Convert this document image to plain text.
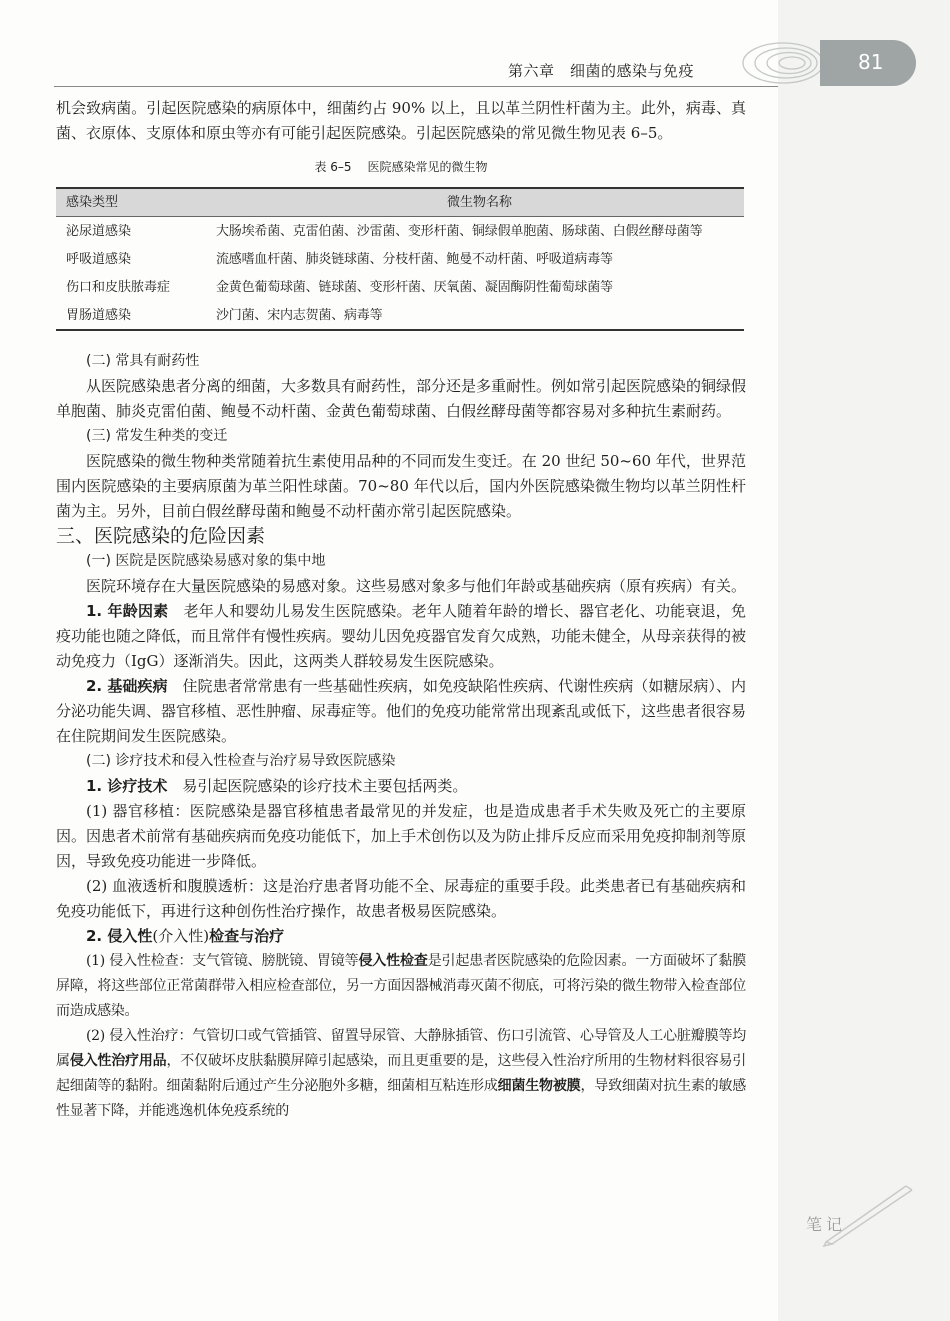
81
第六章　细菌的感染与免疫

机会致病菌。引起医院感染的病原体中，细菌约占 90% 以上，且以革兰阴性杆菌为主。此外，病毒、真菌、衣原体、支原体和原虫等亦有可能引起医院感染。引起医院感染的常见微生物见表 6–5。

表 6–5 医院感染常见的微生物
感染类型	微生物名称
泌尿道感染	大肠埃希菌、克雷伯菌、沙雷菌、变形杆菌、铜绿假单胞菌、肠球菌、白假丝酵母菌等
呼吸道感染	流感嗜血杆菌、肺炎链球菌、分枝杆菌、鲍曼不动杆菌、呼吸道病毒等
伤口和皮肤脓毒症	金黄色葡萄球菌、链球菌、变形杆菌、厌氧菌、凝固酶阴性葡萄球菌等
胃肠道感染	沙门菌、宋内志贺菌、病毒等

(二) 常具有耐药性

从医院感染患者分离的细菌，大多数具有耐药性，部分还是多重耐性。例如常引起医院感染的铜绿假单胞菌、肺炎克雷伯菌、鲍曼不动杆菌、金黄色葡萄球菌、白假丝酵母菌等都容易对多种抗生素耐药。

(三) 常发生种类的变迁

医院感染的微生物种类常随着抗生素使用品种的不同而发生变迁。在 20 世纪 50~60 年代，世界范围内医院感染的主要病原菌为革兰阳性球菌。70~80 年代以后，国内外医院感染微生物均以革兰阴性杆菌为主。另外，目前白假丝酵母菌和鲍曼不动杆菌亦常引起医院感染。

三、医院感染的危险因素

(一) 医院是医院感染易感对象的集中地

医院环境存在大量医院感染的易感对象。这些易感对象多与他们年龄或基础疾病（原有疾病）有关。

1. 年龄因素　 老年人和婴幼儿易发生医院感染。老年人随着年龄的增长、器官老化、功能衰退，免疫功能也随之降低，而且常伴有慢性疾病。婴幼儿因免疫器官发育欠成熟，功能未健全，从母亲获得的被动免疫力（IgG）逐渐消失。因此，这两类人群较易发生医院感染。

2. 基础疾病　 住院患者常常患有一些基础性疾病，如免疫缺陷性疾病、代谢性疾病（如糖尿病）、内分泌功能失调、器官移植、恶性肿瘤、尿毒症等。他们的免疫功能常常出现紊乱或低下，这些患者很容易在住院期间发生医院感染。

(二) 诊疗技术和侵入性检查与治疗易导致医院感染

1. 诊疗技术　 易引起医院感染的诊疗技术主要包括两类。

(1) 器官移植：医院感染是器官移植患者最常见的并发症，也是造成患者手术失败及死亡的主要原因。因患者术前常有基础疾病而免疫功能低下，加上手术创伤以及为防止排斥反应而采用免疫抑制剂等原因，导致免疫功能进一步降低。

(2) 血液透析和腹膜透析：这是治疗患者肾功能不全、尿毒症的重要手段。此类患者已有基础疾病和免疫功能低下，再进行这种创伤性治疗操作，故患者极易医院感染。

2. 侵入性(介入性)检查与治疗

(1) 侵入性检查：支气管镜、膀胱镜、胃镜等侵入性检查是引起患者医院感染的危险因素。一方面破坏了黏膜屏障，将这些部位正常菌群带入相应检查部位，另一方面因器械消毒灭菌不彻底，可将污染的微生物带入检查部位而造成感染。

(2) 侵入性治疗：气管切口或气管插管、留置导尿管、大静脉插管、伤口引流管、心导管及人工心脏瓣膜等均属侵入性治疗用品，不仅破坏皮肤黏膜屏障引起感染，而且更重要的是，这些侵入性治疗所用的生物材料很容易引起细菌等的黏附。细菌黏附后通过产生分泌胞外多糖，细菌相互粘连形成细菌生物被膜，导致细菌对抗生素的敏感性显著下降，并能逃逸机体免疫系统的

笔记
